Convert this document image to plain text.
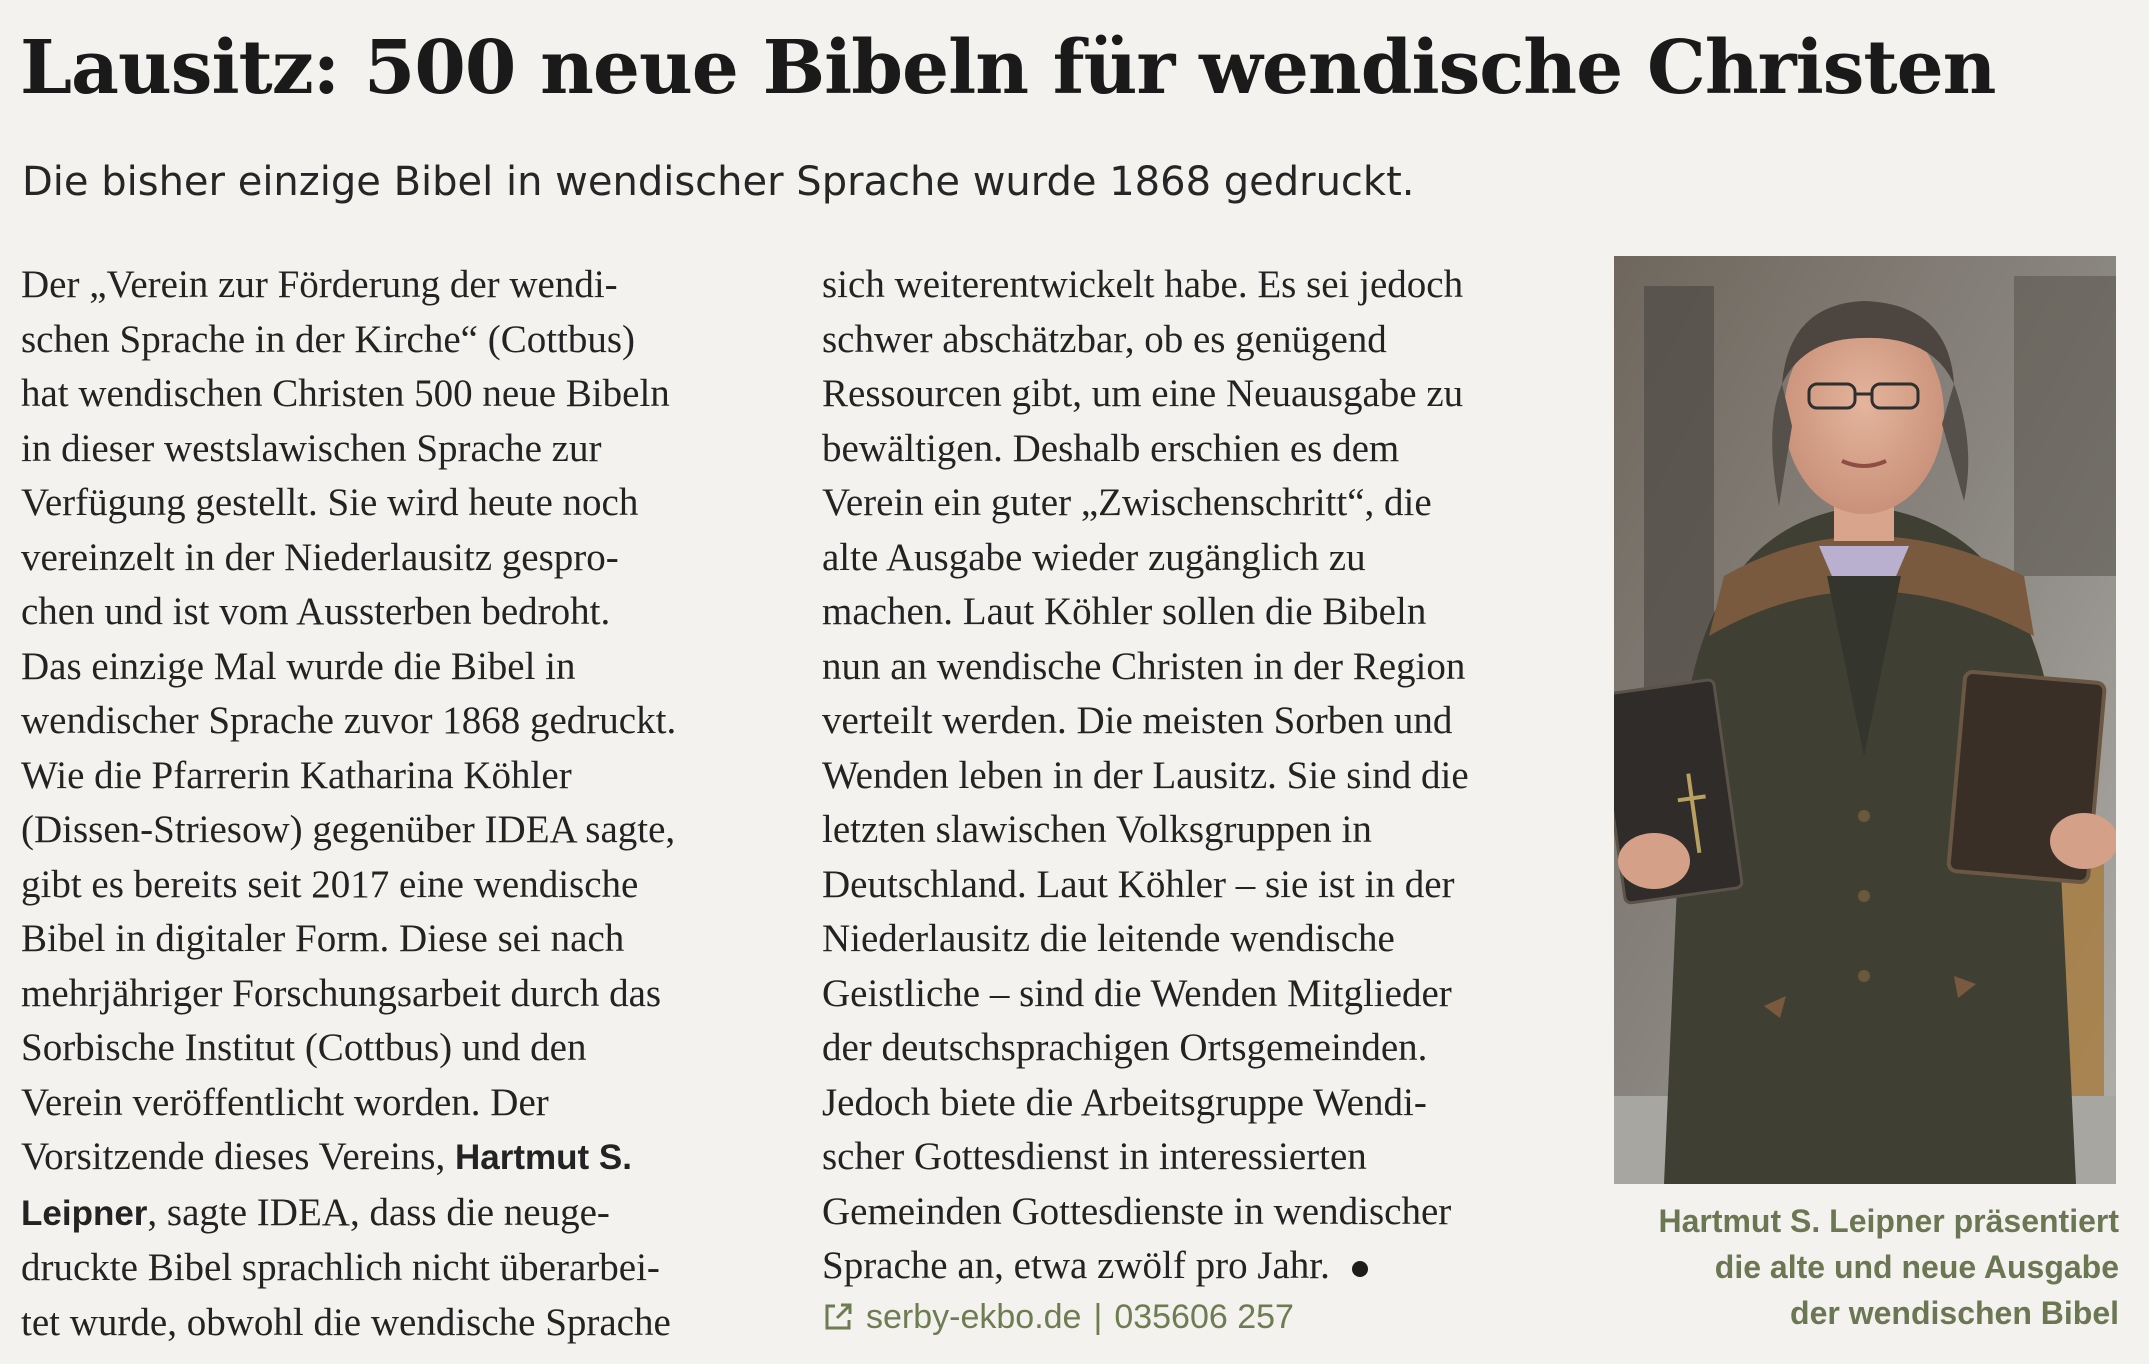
Lausitz: 500 neue Bibeln für wendische Christen
Die bisher einzige Bibel in wendischer Sprache wurde 1868 gedruckt.
Der „Verein zur Förderung der wendi-
schen Sprache in der Kirche“ (Cottbus)
hat wendischen Christen 500 neue Bibeln
in dieser westslawischen Sprache zur
Verfügung gestellt. Sie wird heute noch
vereinzelt in der Niederlausitz gespro-
chen und ist vom Aussterben bedroht.
Das einzige Mal wurde die Bibel in
wendischer Sprache zuvor 1868 gedruckt.
Wie die Pfarrerin Katharina Köhler
(Dissen-Striesow) gegenüber IDEA sagte,
gibt es bereits seit 2017 eine wendische
Bibel in digitaler Form. Diese sei nach
mehrjähriger Forschungsarbeit durch das
Sorbische Institut (Cottbus) und den
Verein veröffentlicht worden. Der
Vorsitzende dieses Vereins, Hartmut S.
Leipner, sagte IDEA, dass die neuge-
druckte Bibel sprachlich nicht überarbei-
tet wurde, obwohl die wendische Sprache
sich weiterentwickelt habe. Es sei jedoch
schwer abschätzbar, ob es genügend
Ressourcen gibt, um eine Neuausgabe zu
bewältigen. Deshalb erschien es dem
Verein ein guter „Zwischenschritt“, die
alte Ausgabe wieder zugänglich zu
machen. Laut Köhler sollen die Bibeln
nun an wendische Christen in der Region
verteilt werden. Die meisten Sorben und
Wenden leben in der Lausitz. Sie sind die
letzten slawischen Volksgruppen in
Deutschland. Laut Köhler – sie ist in der
Niederlausitz die leitende wendische
Geistliche – sind die Wenden Mitglieder
der deutschsprachigen Ortsgemeinden.
Jedoch biete die Arbeitsgruppe Wendi-
scher Gottesdienst in interessierten
Gemeinden Gottesdienste in wendischer
Sprache an, etwa zwölf pro Jahr.
serby-ekbo.de | 035606 257
Hartmut S. Leipner präsentiert
die alte und neue Ausgabe
der wendischen Bibel
